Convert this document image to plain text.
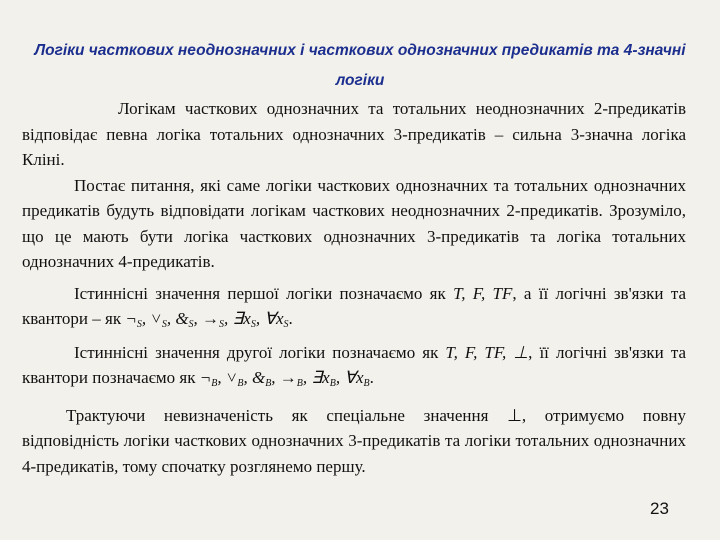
Логіки часткових неоднозначних і часткових однозначних предикатів та 4-значні логіки

Логікам часткових однозначних та тотальних неоднозначних 2-предикатів відповідає певна логіка тотальних однозначних 3-предикатів – сильна 3-значна логіка Кліні.

Постає питання, які саме логіки часткових однозначних та тотальних однозначних предикатів будуть відповідати логікам часткових неоднозначних 2-предикатів. Зрозуміло, що це мають бути логіка часткових однозначних 3-предикатів та логіка тотальних однозначних 4-предикатів.

Істиннісні значення першої логіки позначаємо як T, F, TF, а її логічні зв'язки та квантори – як $\neg_S$, $˅_S$, $\&_S$, $\to_S$, $\exists x_S$, $\forall x_S$.

Істиннісні значення другої логіки позначаємо як T, F, TF, ⊥, її логічні зв'язки та квантори позначаємо як $\neg_B$, $˅_B$, $\&_B$, $\to_B$, $\exists x_B$, $\forall x_B$.

Трактуючи невизначеність як спеціальне значення ⊥, отримуємо повну відповідність логіки часткових однозначних 3-предикатів та логіки тотальних однозначних 4-предикатів, тому спочатку розглянемо першу.

23
